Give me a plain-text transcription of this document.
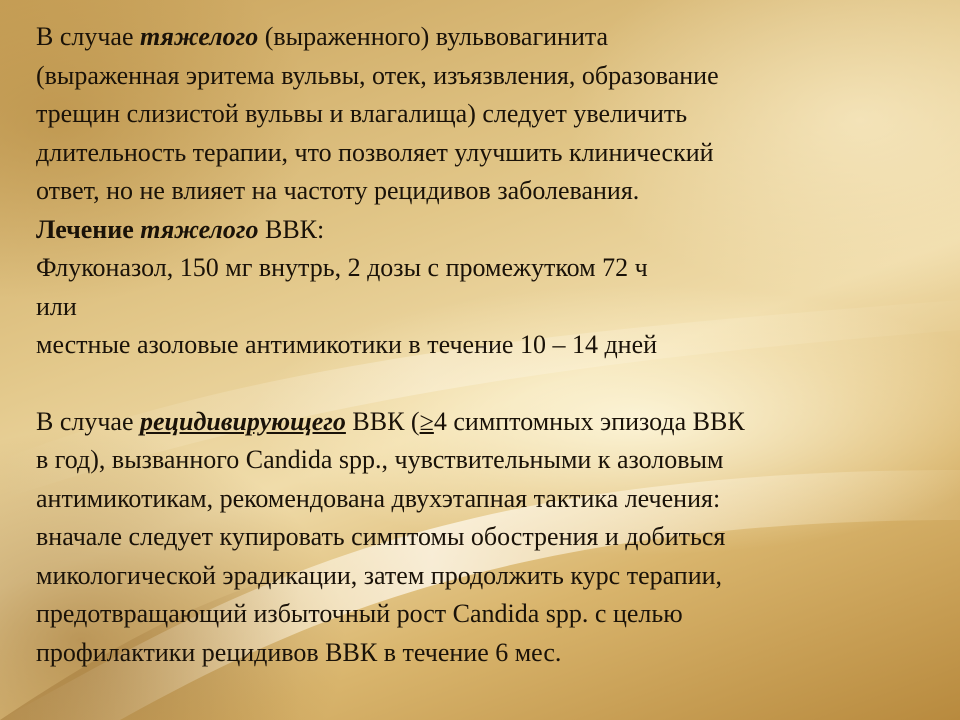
В случае тяжелого (выраженного) вульвовагинита
(выраженная эритема вульвы, отек, изъязвления, образование
трещин слизистой вульвы и влагалища) следует увеличить
длительность терапии, что позволяет улучшить клинический
ответ, но не влияет на частоту рецидивов заболевания.
Лечение тяжелого ВВК:
Флуконазол, 150 мг внутрь, 2 дозы с промежутком 72 ч
или
местные азоловые антимикотики в течение 10 – 14 дней
В случае рецидивирующего ВВК (≥4 симптомных эпизода ВВК
в год), вызванного Candida spp., чувствительными к азоловым
антимикотикам, рекомендована двухэтапная тактика лечения:
вначале следует купировать симптомы обострения и добиться
микологической эрадикации, затем продолжить курс терапии,
предотвращающий избыточный рост Candida spp. с целью
профилактики рецидивов ВВК в течение 6 мес.
